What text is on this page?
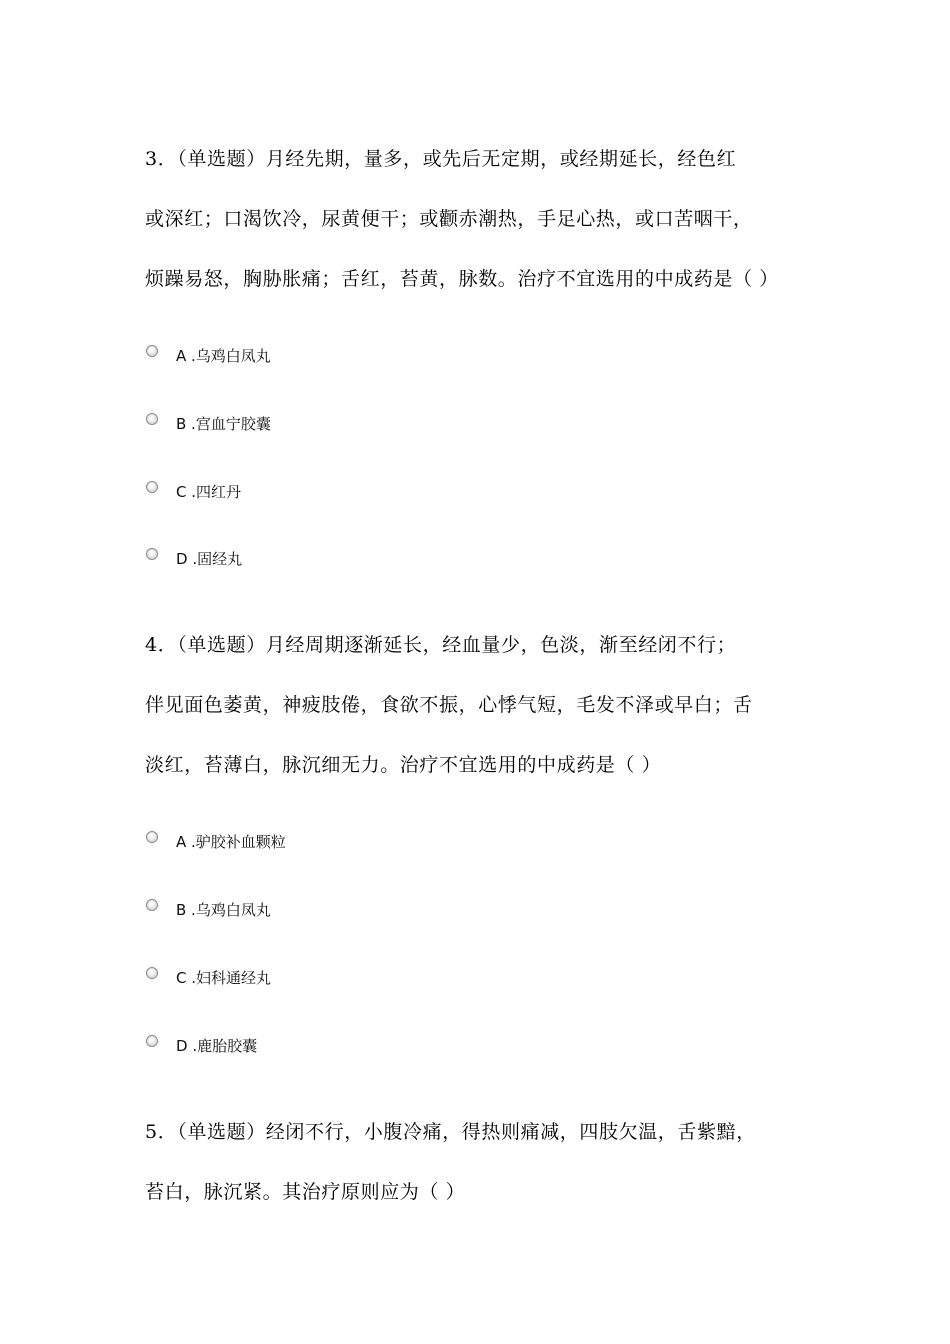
3．（单选题）月经先期，量多，或先后无定期，或经期延长，经色红
或深红；口渴饮冷，尿黄便干；或颧赤潮热，手足心热，或口苦咽干，
烦躁易怒，胸胁胀痛；舌红，苔黄，脉数。治疗不宜选用的中成药是（ ）
A .乌鸡白凤丸
B .宫血宁胶囊
C .四红丹
D .固经丸
4．（单选题）月经周期逐渐延长，经血量少，色淡，渐至经闭不行；
伴见面色萎黄，神疲肢倦，食欲不振，心悸气短，毛发不泽或早白；舌
淡红，苔薄白，脉沉细无力。治疗不宜选用的中成药是（ ）
A .驴胶补血颗粒
B .乌鸡白凤丸
C .妇科通经丸
D .鹿胎胶囊
5．（单选题）经闭不行，小腹冷痛，得热则痛减，四肢欠温，舌紫黯，
苔白，脉沉紧。其治疗原则应为（ ）
